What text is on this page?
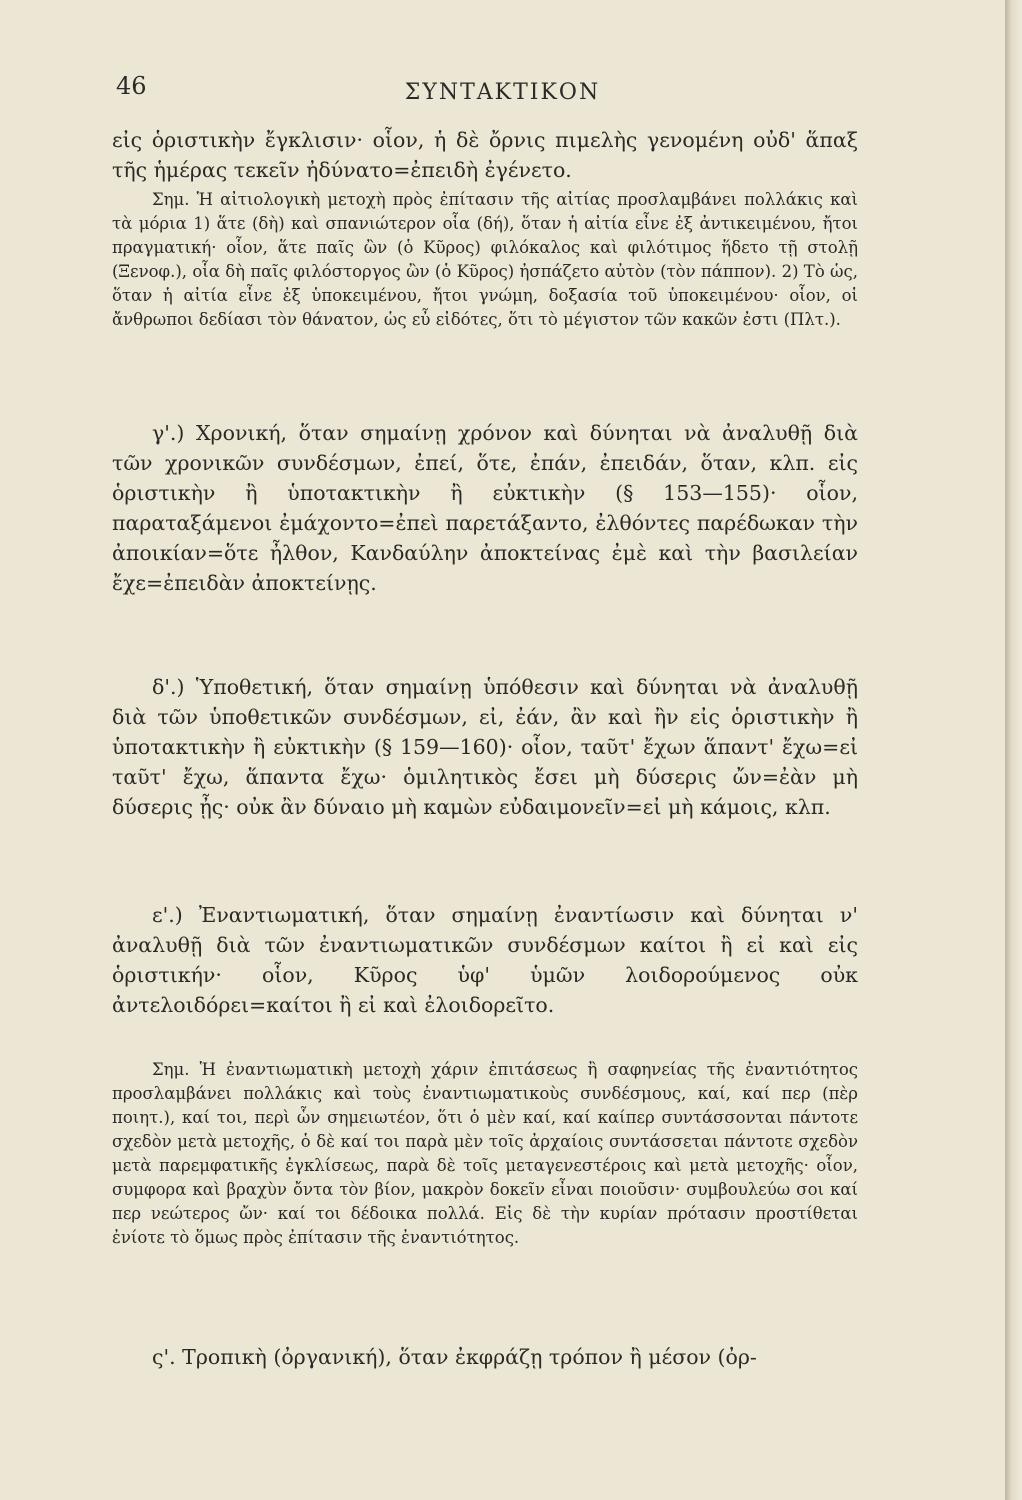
46	ΣΥΝΤΑΚΤΙΚΟΝ

εἰς ὁριστικὴν ἔγκλισιν· οἷον, ἡ δὲ ὄρνις πιμελὴς γενομένη οὐδ' ἅπαξ τῆς ἡμέρας τεκεῖν ἠδύνατο=ἐπειδὴ ἐγένετο.

Σημ. Ἡ αἰτιολογικὴ μετοχὴ πρὸς ἐπίτασιν τῆς αἰτίας προσλαμβάνει πολλάκις καὶ τὰ μόρια 1) ἅτε (δὴ) καὶ σπανιώτερον οἷα (δή), ὅταν ἡ αἰτία εἶνε ἐξ ἀντικειμένου, ἤτοι πραγματική· οἷον, ἅτε παῖς ὢν (ὁ Κῦρος) φιλόκαλος καὶ φιλότιμος ἥδετο τῇ στολῇ (Ξενοφ.), οἷα δὴ παῖς φιλόστοργος ὢν (ὁ Κῦρος) ἠσπάζετο αὐτὸν (τὸν πάππον). 2) Τὸ ὡς, ὅταν ἡ αἰτία εἶνε ἐξ ὑποκειμένου, ἤτοι γνώμη, δοξασία τοῦ ὑποκειμένου· οἷον, οἱ ἄνθρωποι δεδίασι τὸν θάνατον, ὡς εὖ εἰδότες, ὅτι τὸ μέγιστον τῶν κακῶν ἐστι (Πλτ.).

γ'.) Χρονική, ὅταν σημαίνῃ χρόνον καὶ δύνηται νὰ ἀναλυθῇ διὰ τῶν χρονικῶν συνδέσμων, ἐπεί, ὅτε, ἐπάν, ἐπειδάν, ὅταν, κλπ. εἰς ὁριστικὴν ἢ ὑποτακτικὴν ἢ εὐκτικὴν (§ 153—155)· οἷον, παραταξάμενοι ἐμάχοντο=ἐπεὶ παρετάξαντο, ἐλθόντες παρέδωκαν τὴν ἀποικίαν=ὅτε ἦλθον, Κανδαύλην ἀποκτείνας ἐμὲ καὶ τὴν βασιλείαν ἔχε=ἐπειδὰν ἀποκτείνῃς.

δ'.) Ὑποθετική, ὅταν σημαίνῃ ὑπόθεσιν καὶ δύνηται νὰ ἀναλυθῇ διὰ τῶν ὑποθετικῶν συνδέσμων, εἰ, ἐάν, ἂν καὶ ἢν εἰς ὁριστικὴν ἢ ὑποτακτικὴν ἢ εὐκτικὴν (§ 159—160)· οἷον, ταῦτ' ἔχων ἅπαντ' ἔχω=εἰ ταῦτ' ἔχω, ἅπαντα ἔχω· ὁμιλητικὸς ἔσει μὴ δύσερις ὤν=ἐὰν μὴ δύσερις ᾖς· οὐκ ἂν δύναιο μὴ καμὼν εὐδαιμονεῖν=εἰ μὴ κάμοις, κλπ.

ε'.) Ἐναντιωματική, ὅταν σημαίνῃ ἐναντίωσιν καὶ δύνηται ν' ἀναλυθῇ διὰ τῶν ἐναντιωματικῶν συνδέσμων καίτοι ἢ εἰ καὶ εἰς ὁριστικήν· οἷον, Κῦρος ὑφ' ὑμῶν λοιδορούμενος οὐκ ἀντελοιδόρει=καίτοι ἢ εἰ καὶ ἐλοιδορεῖτο.

Σημ. Ἡ ἐναντιωματικὴ μετοχὴ χάριν ἐπιτάσεως ἢ σαφηνείας τῆς ἐναντιότητος προσλαμβάνει πολλάκις καὶ τοὺς ἐναντιωματικοὺς συνδέσμους, καί, καί περ (πὲρ ποιητ.), καί τοι, περὶ ὧν σημειωτέον, ὅτι ὁ μὲν καί, καί καίπερ συντάσσονται πάντοτε σχεδὸν μετὰ μετοχῆς, ὁ δὲ καί τοι παρὰ μὲν τοῖς ἀρχαίοις συντάσσεται πάντοτε σχεδὸν μετὰ παρεμφατικῆς ἐγκλίσεως, παρὰ δὲ τοῖς μεταγενεστέροις καὶ μετὰ μετοχῆς· οἷον, συμφορα καὶ βραχὺν ὄντα τὸν βίον, μακρὸν δοκεῖν εἶναι ποιοῦσιν· συμβουλεύω σοι καί περ νεώτερος ὤν· καί τοι δέδοικα πολλά. Εἰς δὲ τὴν κυρίαν πρότασιν προστίθεται ἐνίοτε τὸ ὅμως πρὸς ἐπίτασιν τῆς ἐναντιότητος.

ς'. Τροπικὴ (ὀργανική), ὅταν ἐκφράζῃ τρόπον ἢ μέσον (ὀρ-
